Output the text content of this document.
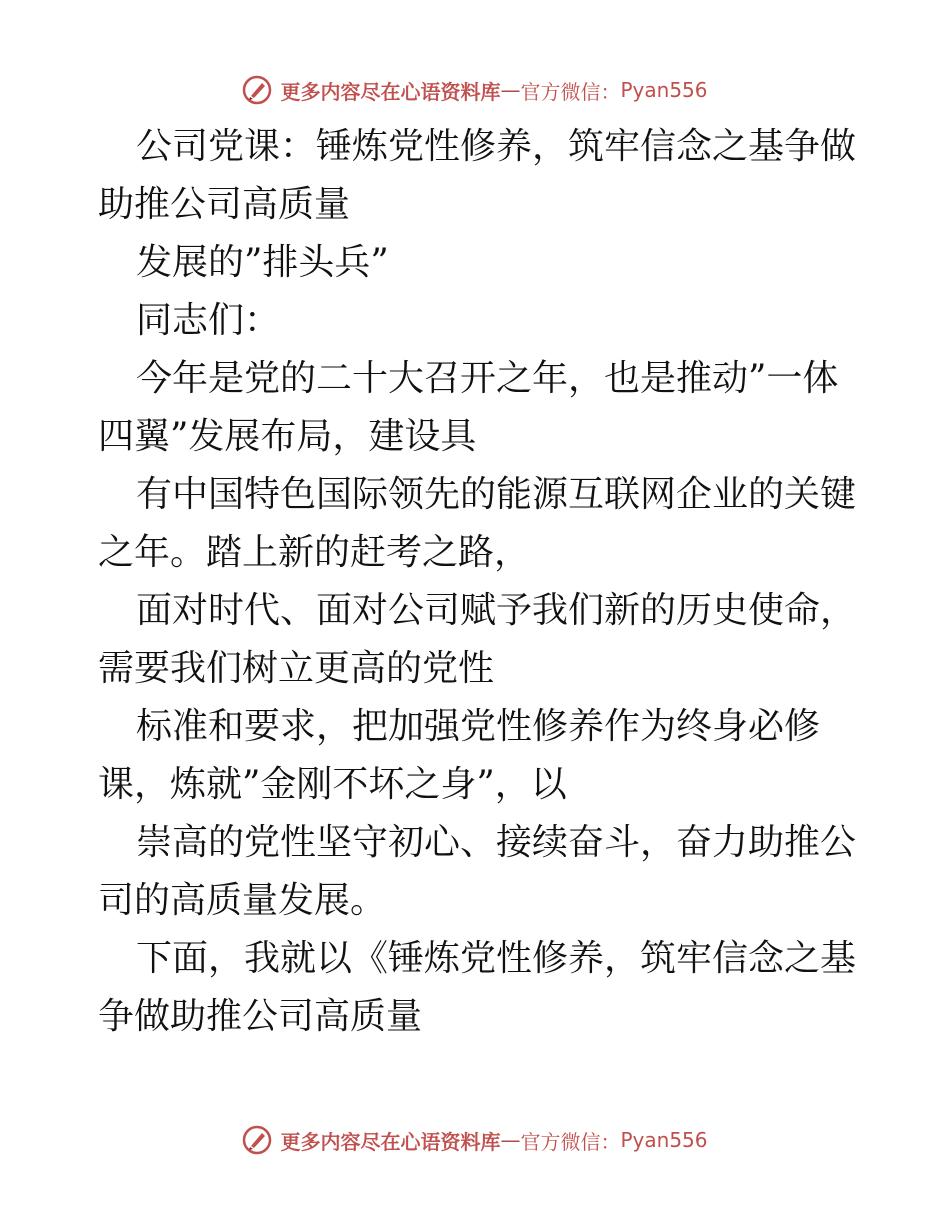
更多内容尽在心语资料库 — 官方微信： Pyan556

公司党课：锤炼党性修养，筑牢信念之基争做助推公司高质量

发展的”排头兵”

同志们：

今年是党的二十大召开之年，也是推动”一体四翼”发展布局，建设具

有中国特色国际领先的能源互联网企业的关键之年。踏上新的赶考之路，

面对时代、面对公司赋予我们新的历史使命，需要我们树立更高的党性

标准和要求，把加强党性修养作为终身必修课，炼就”金刚不坏之身”，以

崇高的党性坚守初心、接续奋斗，奋力助推公司的高质量发展。

下面，我就以《锤炼党性修养，筑牢信念之基争做助推公司高质量

更多内容尽在心语资料库 — 官方微信： Pyan556
